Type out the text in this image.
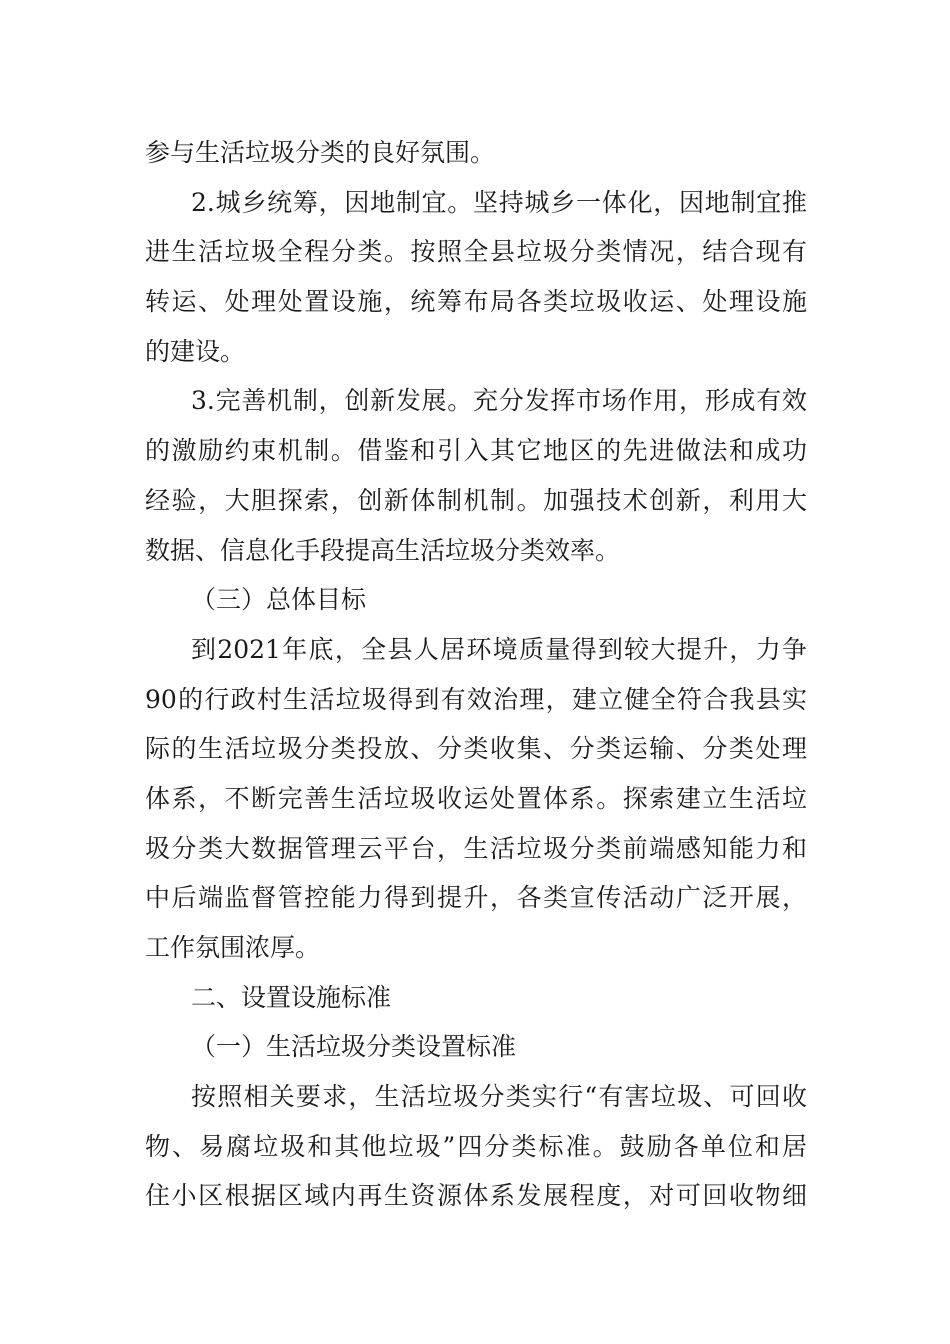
参与生活垃圾分类的良好氛围。
2.城乡统筹，因地制宜。坚持城乡一体化，因地制宜推
进生活垃圾全程分类。按照全县垃圾分类情况，结合现有
转运、处理处置设施，统筹布局各类垃圾收运、处理设施
的建设。
3.完善机制，创新发展。充分发挥市场作用，形成有效
的激励约束机制。借鉴和引入其它地区的先进做法和成功
经验，大胆探索，创新体制机制。加强技术创新，利用大
数据、信息化手段提高生活垃圾分类效率。
（三）总体目标
到2021年底，全县人居环境质量得到较大提升，力争
90的行政村生活垃圾得到有效治理，建立健全符合我县实
际的生活垃圾分类投放、分类收集、分类运输、分类处理
体系，不断完善生活垃圾收运处置体系。探索建立生活垃
圾分类大数据管理云平台，生活垃圾分类前端感知能力和
中后端监督管控能力得到提升，各类宣传活动广泛开展，
工作氛围浓厚。
二、设置设施标准
（一）生活垃圾分类设置标准
按照相关要求，生活垃圾分类实行“有害垃圾、可回收
物、易腐垃圾和其他垃圾”四分类标准。鼓励各单位和居
住小区根据区域内再生资源体系发展程度，对可回收物细
